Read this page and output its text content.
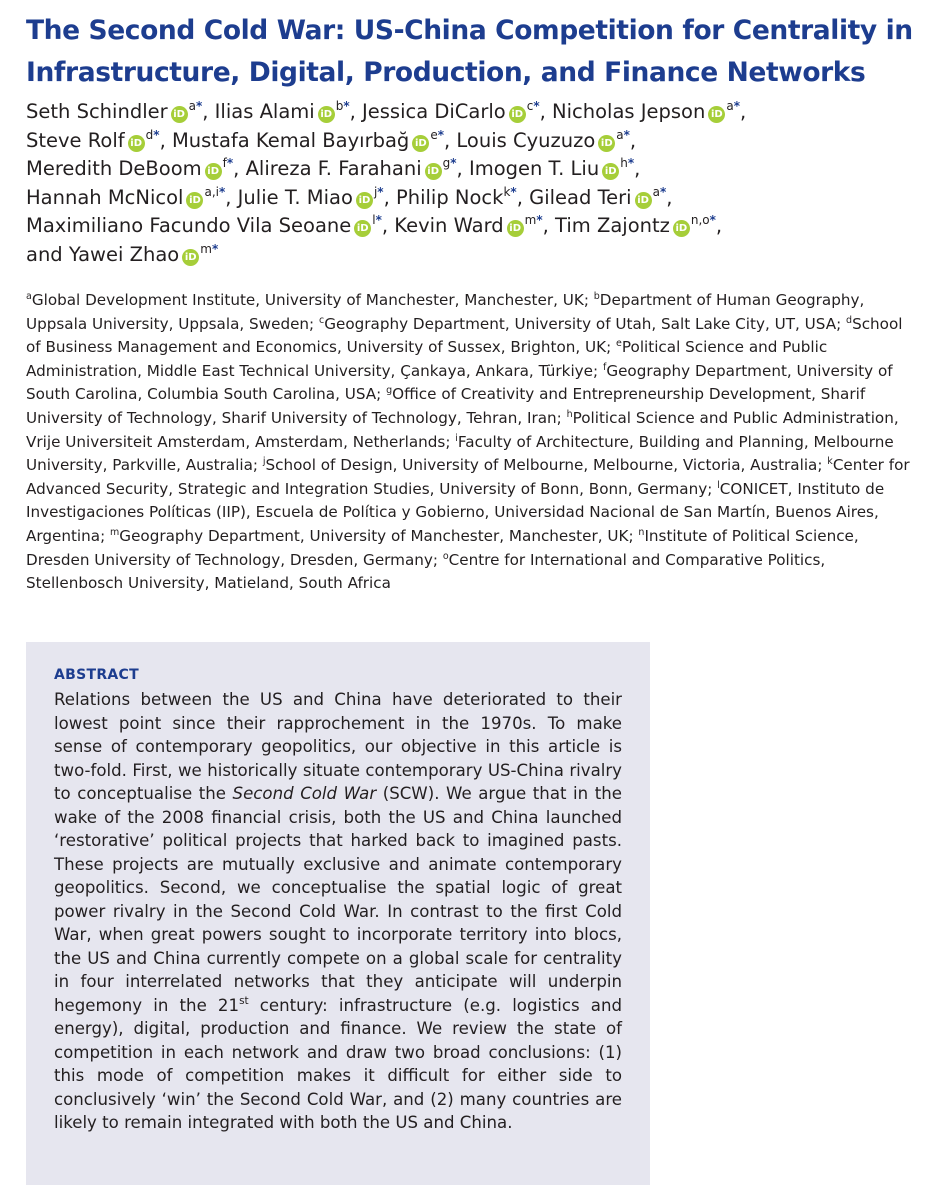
The Second Cold War: US-China Competition for Centrality in Infrastructure, Digital, Production, and Finance Networks
Seth Schindler $iD^{a*}$, Ilias Alami $iD^{b*}$, Jessica DiCarlo $iD^{c*}$, Nicholas Jepson $iD^{a*}$,
Steve Rolf $iD^{d*}$, Mustafa Kemal Bayırbağ $iD^{e*}$, Louis Cyuzuzo $iD^{a*}$,
Meredith DeBoom $iD^{f*}$, Alireza F. Farahani $iD^{g*}$, Imogen T. Liu $iD^{h*}$,
Hannah McNicol $iD^{a,i*}$, Julie T. Miao $iD^{j*}$, Philip Nock$^{k*}$, Gilead Teri $iD^{a*}$,
Maximiliano Facundo Vila Seoane $iD^{l*}$, Kevin Ward $iD^{m*}$, Tim Zajontz $iD^{n,o*}$,
and Yawei Zhao $iD^{m*}$
$^a$Global Development Institute, University of Manchester, Manchester, UK; $^b$Department of Human Geography, Uppsala University, Uppsala, Sweden; $^c$Geography Department, University of Utah, Salt Lake City, UT, USA; $^d$School of Business Management and Economics, University of Sussex, Brighton, UK; $^e$Political Science and Public Administration, Middle East Technical University, Çankaya, Ankara, Türkiye; $^f$Geography Department, University of South Carolina, Columbia South Carolina, USA; $^g$Office of Creativity and Entrepreneurship Development, Sharif University of Technology, Sharif University of Technology, Tehran, Iran; $^h$Political Science and Public Administration, Vrije Universiteit Amsterdam, Amsterdam, Netherlands; $^i$Faculty of Architecture, Building and Planning, Melbourne University, Parkville, Australia; $^j$School of Design, University of Melbourne, Melbourne, Victoria, Australia; $^k$Center for Advanced Security, Strategic and Integration Studies, University of Bonn, Bonn, Germany; $^l$CONICET, Instituto de Investigaciones Políticas (IIP), Escuela de Política y Gobierno, Universidad Nacional de San Martín, Buenos Aires, Argentina; $^m$Geography Department, University of Manchester, Manchester, UK; $^n$Institute of Political Science, Dresden University of Technology, Dresden, Germany; $^o$Centre for International and Comparative Politics, Stellenbosch University, Matieland, South Africa
ABSTRACT

Relations between the US and China have deteriorated to their lowest point since their rapprochement in the 1970s. To make sense of contemporary geopolitics, our objective in this article is two-fold. First, we historically situate contemporary US-China rivalry to conceptualise the Second Cold War (SCW). We argue that in the wake of the 2008 financial crisis, both the US and China launched ‘restorative’ political projects that harked back to imagined pasts. These projects are mutually exclusive and animate contemporary geopolitics. Second, we conceptualise the spatial logic of great power rivalry in the Second Cold War. In contrast to the first Cold War, when great powers sought to incorporate territory into blocs, the US and China currently compete on a global scale for centrality in four interrelated networks that they anticipate will underpin hegemony in the 21st century: infrastructure (e.g. logistics and energy), digital, production and finance. We review the state of competition in each network and draw two broad conclusions: (1) this mode of competition makes it difficult for either side to conclusively ‘win’ the Second Cold War, and (2) many countries are likely to remain integrated with both the US and China.
